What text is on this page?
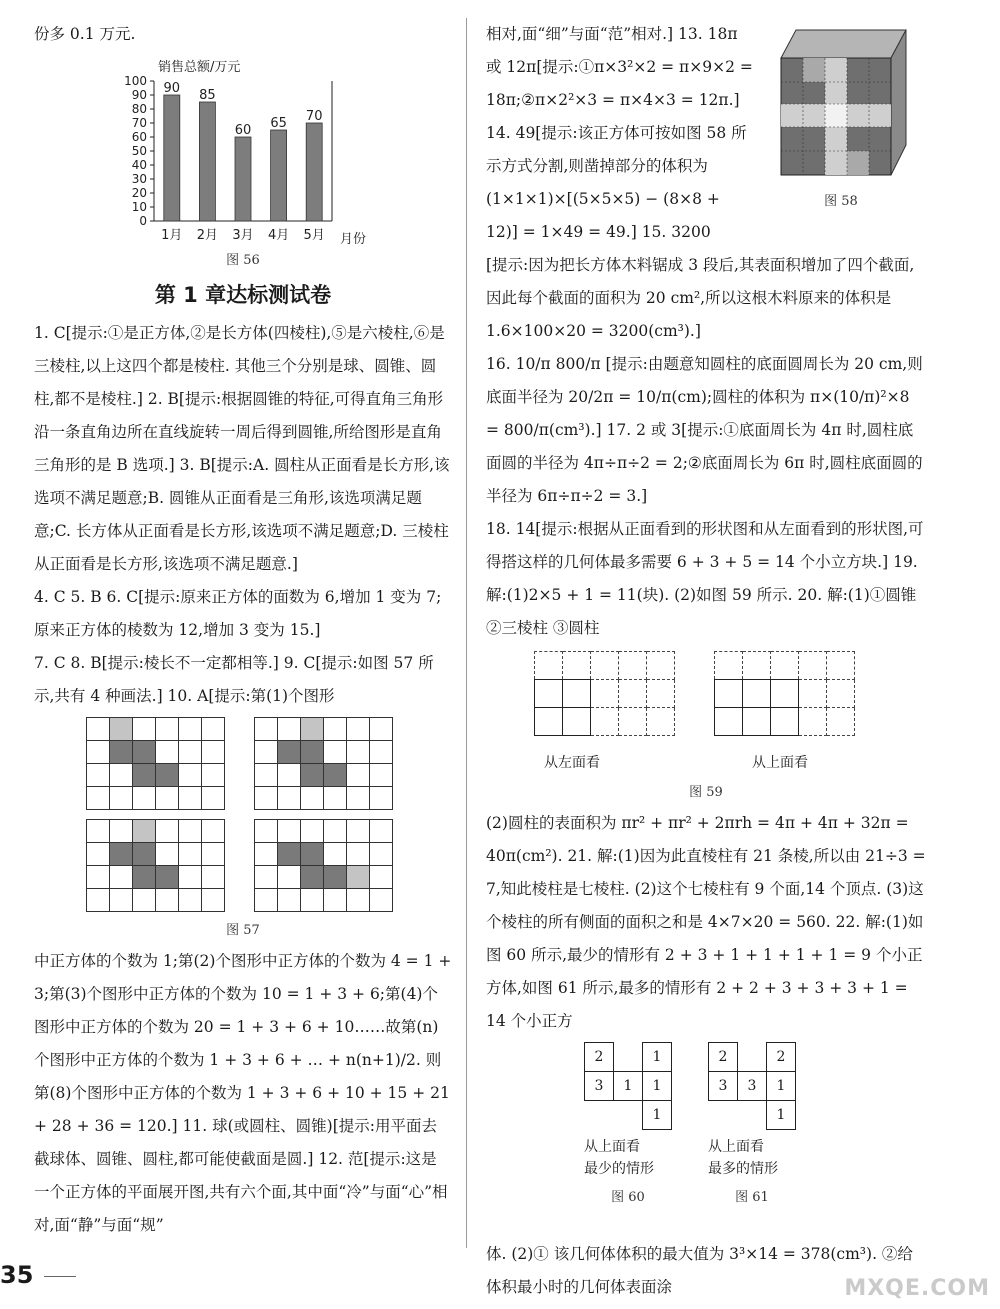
份多 0.1 万元.

销售总额/万元
100
90
80
70
60
50
40
30
20
10
0
90
1月
85
2月
60
3月
65
4月
70
5月 月份
图 56
第 1 章达标测试卷

1. C[提示:①是正方体,②是长方体(四棱柱),⑤是六棱柱,⑥是三棱柱,以上这四个都是棱柱. 其他三个分别是球、圆锥、圆柱,都不是棱柱.] 2. B[提示:根据圆锥的特征,可得直角三角形沿一条直角边所在直线旋转一周后得到圆锥,所给图形是直角三角形的是 B 选项.] 3. B[提示:A. 圆柱从正面看是长方形,该选项不满足题意;B. 圆锥从正面看是三角形,该选项满足题意;C. 长方体从正面看是长方形,该选项不满足题意;D. 三棱柱从正面看是长方形,该选项不满足题意.]

4. C 5. B 6. C[提示:原来正方体的面数为 6,增加 1 变为 7;原来正方体的棱数为 12,增加 3 变为 15.]

7. C 8. B[提示:棱长不一定都相等.] 9. C[提示:如图 57 所示,共有 4 种画法.] 10. A[提示:第(1)个图形

图 57

中正方体的个数为 1;第(2)个图形中正方体的个数为 4 = 1 + 3;第(3)个图形中正方体的个数为 10 = 1 + 3 + 6;第(4)个图形中正方体的个数为 20 = 1 + 3 + 6 + 10……故第(n)个图形中正方体的个数为 1 + 3 + 6 + … + n(n+1)/2. 则第(8)个图形中正方体的个数为 1 + 3 + 6 + 10 + 15 + 21 + 28 + 36 = 120.] 11. 球(或圆柱、圆锥)[提示:用平面去截球体、圆锥、圆柱,都可能使截面是圆.] 12. 范[提示:这是一个正方体的平面展开图,共有六个面,其中面“冷”与面“心”相对,面“静”与面“规”

图 58

相对,面“细”与面“范”相对.] 13. 18π 或 12π[提示:①π×3²×2 = π×9×2 = 18π;②π×2²×3 = π×4×3 = 12π.]

14. 49[提示:该正方体可按如图 58 所示方式分割,则凿掉部分的体积为(1×1×1)×[(5×5×5) − (8×8 + 12)] = 1×49 = 49.] 15. 3200

[提示:因为把长方体木料锯成 3 段后,其表面积增加了四个截面,因此每个截面的面积为 20 cm²,所以这根木料原来的体积是 1.6×100×20 = 3200(cm³).]

16. 10/π 800/π [提示:由题意知圆柱的底面圆周长为 20 cm,则底面半径为 20/2π = 10/π(cm);圆柱的体积为 π×(10/π)²×8 = 800/π(cm³).] 17. 2 或 3[提示:①底面周长为 4π 时,圆柱底面圆的半径为 4π÷π÷2 = 2;②底面周长为 6π 时,圆柱底面圆的半径为 6π÷π÷2 = 3.]

18. 14[提示:根据从正面看到的形状图和从左面看到的形状图,可得搭这样的几何体最多需要 6 + 3 + 5 = 14 个小立方块.] 19. 解:(1)2×5 + 1 = 11(块). (2)如图 59 所示. 20. 解:(1)①圆锥 ②三棱柱 ③圆柱

从左面看	从上面看
图 59

(2)圆柱的表面积为 πr² + πr² + 2πrh = 4π + 4π + 32π = 40π(cm²). 21. 解:(1)因为此直棱柱有 21 条棱,所以由 21÷3 = 7,知此棱柱是七棱柱. (2)这个七棱柱有 9 个面,14 个顶点. (3)这个棱柱的所有侧面的面积之和是 4×7×20 = 560. 22. 解:(1)如图 60 所示,最少的情形有 2 + 3 + 1 + 1 + 1 + 1 = 9 个小正方体,如图 61 所示,最多的情形有 2 + 2 + 3 + 3 + 3 + 1 = 14 个小正方

2		1
3	1	1
		1
从上面看
最少的情形
图 60
2		2
3	3	1
		1
从上面看
最多的情形
图 61

体. (2)① 该几何体体积的最大值为 3³×14 = 378(cm³). ②给体积最小时的几何体表面涂

35	MXQE.COM
